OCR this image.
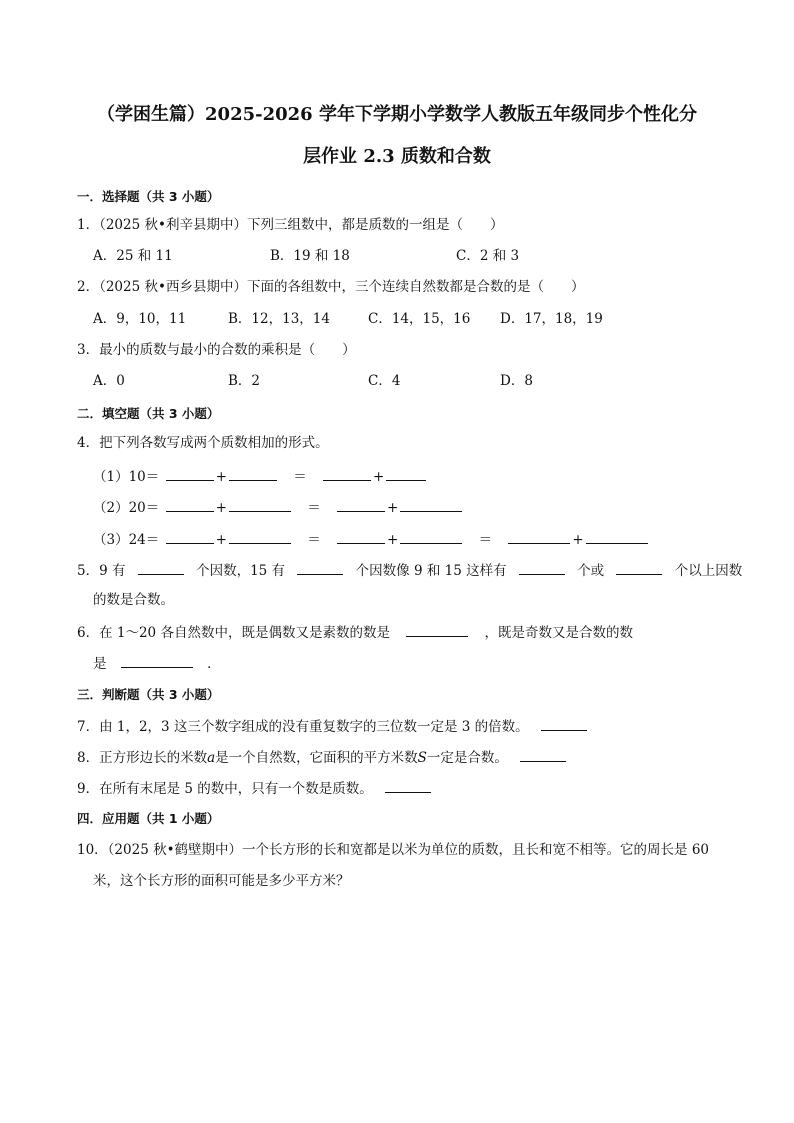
（学困生篇）2025-2026 学年下学期小学数学人教版五年级同步个性化分
层作业 2.3 质数和合数
一．选择题（共 3 小题）
1．（2025 秋•利辛县期中）下列三组数中，都是质数的一组是（　　）
A．25 和 11	B．19 和 18	C．2 和 3
2．（2025 秋•西乡县期中）下面的各组数中，三个连续自然数都是合数的是（　　）
A．9，10，11	B．12，13，14	C．14，15，16 D．17，18，19
3．最小的质数与最小的合数的乘积是（　　）
A．0	B．2	C．4	D．8
二．填空题（共 3 小题）
4．把下列各数写成两个质数相加的形式。
（1）10＝	+	＝	+
（2）20＝	+	＝	+
（3）24＝	+	＝	+	＝	+
5．9 有	个因数，15 有	个因数像 9 和 15 这样有	个或	个以上因数
的数是合数。
6．在 1～20 各自然数中，既是偶数又是素数的数是	，既是奇数又是合数的数
是	．
三．判断题（共 3 小题）
7．由 1，2，3 这三个数字组成的没有重复数字的三位数一定是 3 的倍数。
8．正方形边长的米数a是一个自然数，它面积的平方米数S一定是合数。
9．在所有末尾是 5 的数中，只有一个数是质数。
四．应用题（共 1 小题）
10．（2025 秋•鹤壁期中）一个长方形的长和宽都是以米为单位的质数，且长和宽不相等。它的周长是 60
米，这个长方形的面积可能是多少平方米？
